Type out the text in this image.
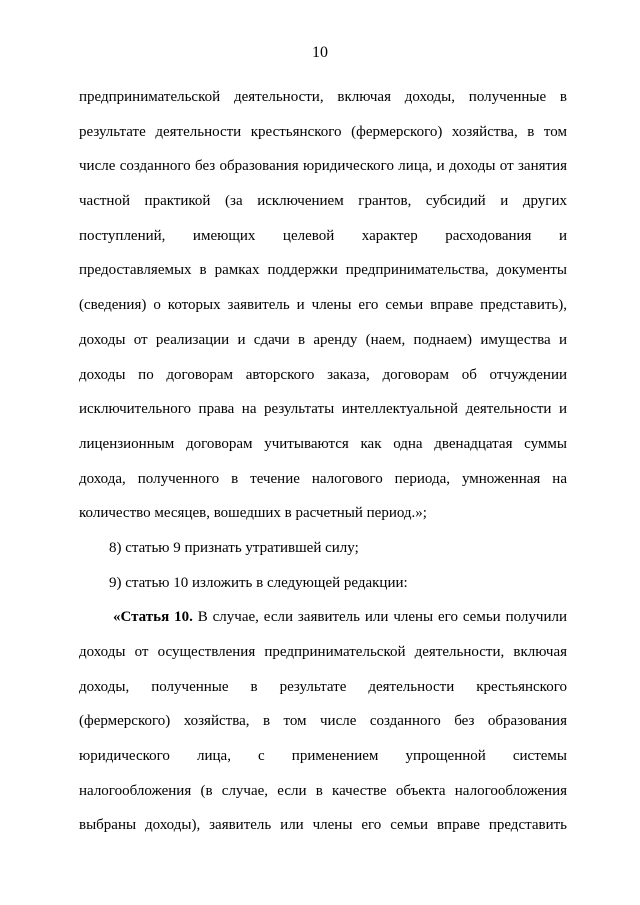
10
предпринимательской деятельности, включая доходы, полученные в
результате деятельности крестьянского (фермерского) хозяйства, в том
числе созданного без образования юридического лица, и доходы от занятия
частной практикой (за исключением грантов, субсидий и других
поступлений, имеющих целевой характер расходования и
предоставляемых в рамках поддержки предпринимательства, документы
(сведения) о которых заявитель и члены его семьи вправе представить),
доходы от реализации и сдачи в аренду (наем, поднаем) имущества и
доходы по договорам авторского заказа, договорам об отчуждении
исключительного права на результаты интеллектуальной деятельности и
лицензионным договорам учитываются как одна двенадцатая суммы
дохода, полученного в течение налогового периода, умноженная на
количество месяцев, вошедших в расчетный период.»;
8) статью 9 признать утратившей силу;
9) статью 10 изложить в следующей редакции:
«Статья 10. В случае, если заявитель или члены его семьи получили
доходы от осуществления предпринимательской деятельности, включая
доходы, полученные в результате деятельности крестьянского
(фермерского) хозяйства, в том числе созданного без образования
юридического лица, с применением упрощенной системы
налогообложения (в случае, если в качестве объекта налогообложения
выбраны доходы), заявитель или члены его семьи вправе представить
